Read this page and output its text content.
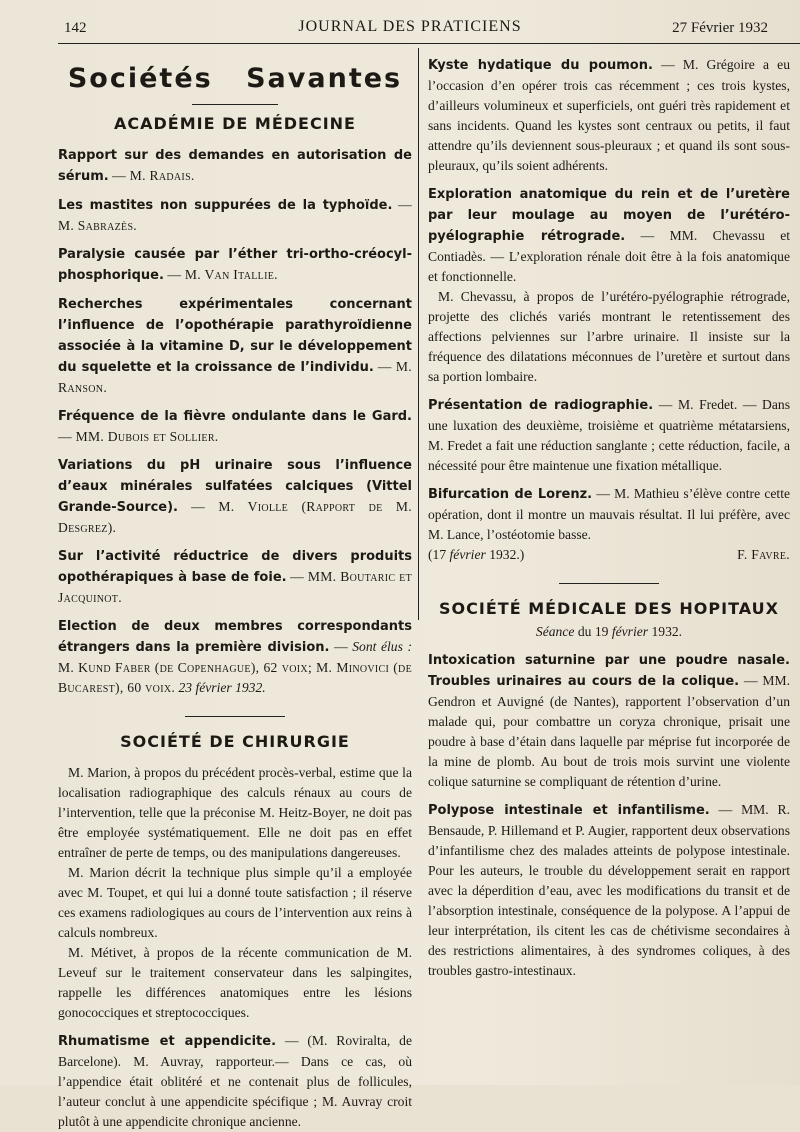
142	JOURNAL DES PRATICIENS	27 Février 1932
Sociétés Savantes
ACADÉMIE DE MÉDECINE

Rapport sur des demandes en autorisation de sérum. — M. Radais.

Les mastites non suppurées de la typhoïde. — M. Sabrazès.

Paralysie causée par l’éther tri-ortho-créocyl-phosphorique. — M. Van Itallie.

Recherches expérimentales concernant l’influence de l’opothérapie parathyroïdienne associée à la vitamine D, sur le développement du squelette et la croissance de l’individu. — M. Ranson.

Fréquence de la fièvre ondulante dans le Gard. — MM. Dubois et Sollier.

Variations du pH urinaire sous l’influence d’eaux minérales sulfatées calciques (Vittel Grande-Source). — M. Violle (Rapport de M. Desgrez).

Sur l’activité réductrice de divers produits opothérapiques à base de foie. — MM. Boutaric et Jacquinot.

Election de deux membres correspondants étrangers dans la première division. — Sont élus : M. Kund Faber (de Copenhague), 62 voix; M. Minovici (de Bucarest), 60 voix. 23 février 1932.

SOCIÉTÉ DE CHIRURGIE

M. Marion, à propos du précédent procès-verbal, estime que la localisation radiographique des calculs rénaux au cours de l’intervention, telle que la préconise M. Heitz-Boyer, ne doit pas être employée systématiquement. Elle ne doit pas en effet entraîner de perte de temps, ou des manipulations dangereuses.

M. Marion décrit la technique plus simple qu’il a employée avec M. Toupet, et qui lui a donné toute satisfaction ; il réserve ces examens radiologiques au cours de l’intervention aux reins à calculs nombreux.

M. Métivet, à propos de la récente communication de M. Leveuf sur le traitement conservateur dans les salpingites, rappelle les différences anatomiques entre les lésions gonococciques et streptococciques.

Rhumatisme et appendicite. — (M. Roviralta, de Barcelone). M. Auvray, rapporteur.— Dans ce cas, où l’appendice était oblitéré et ne contenait plus de follicules, l’auteur conclut à une appendicite spécifique ; M. Auvray croit plutôt à une appendicite chronique ancienne.

Kyste hydatique du poumon. — M. Grégoire a eu l’occasion d’en opérer trois cas récemment ; ces trois kystes, d’ailleurs volumineux et superficiels, ont guéri très rapidement et sans incidents. Quand les kystes sont centraux ou petits, il faut attendre qu’ils deviennent sous-pleuraux ; et quand ils sont sous-pleuraux, qu’ils soient adhérents.

Exploration anatomique du rein et de l’uretère par leur moulage au moyen de l’urétéro-pyélographie rétrograde. — MM. Chevassu et Contiadès. — L’exploration rénale doit être à la fois anatomique et fonctionnelle.

M. Chevassu, à propos de l’urétéro-pyélographie rétrograde, projette des clichés variés montrant le retentissement des affections pelviennes sur l’arbre urinaire. Il insiste sur la fréquence des dilatations méconnues de l’uretère et surtout dans sa portion lombaire.

Présentation de radiographie. — M. Fredet. — Dans une luxation des deuxième, troisième et quatrième métatarsiens, M. Fredet a fait une réduction sanglante ; cette réduction, facile, a nécessité pour être maintenue une fixation métallique.

Bifurcation de Lorenz. — M. Mathieu s’élève contre cette opération, dont il montre un mauvais résultat. Il lui préfère, avec M. Lance, l’ostéotomie basse.

(17 février 1932.)	F. Favre.
SOCIÉTÉ MÉDICALE DES HOPITAUX
Séance du 19 février 1932.

Intoxication saturnine par une poudre nasale. Troubles urinaires au cours de la colique. — MM. Gendron et Auvigné (de Nantes), rapportent l’observation d’un malade qui, pour combattre un coryza chronique, prisait une poudre à base d’étain dans laquelle par méprise fut incorporée de la mine de plomb. Au bout de trois mois survint une violente colique saturnine se compliquant de rétention d’urine.

Polypose intestinale et infantilisme. — MM. R. Bensaude, P. Hillemand et P. Augier, rapportent deux observations d’infantilisme chez des malades atteints de polypose intestinale. Pour les auteurs, le trouble du développement serait en rapport avec la déperdition d’eau, avec les modifications du transit et de l’absorption intestinale, conséquence de la polypose. A l’appui de leur interprétation, ils citent les cas de chétivisme secondaires à des restrictions alimentaires, à des syndromes coliques, à des troubles gastro-intestinaux.
